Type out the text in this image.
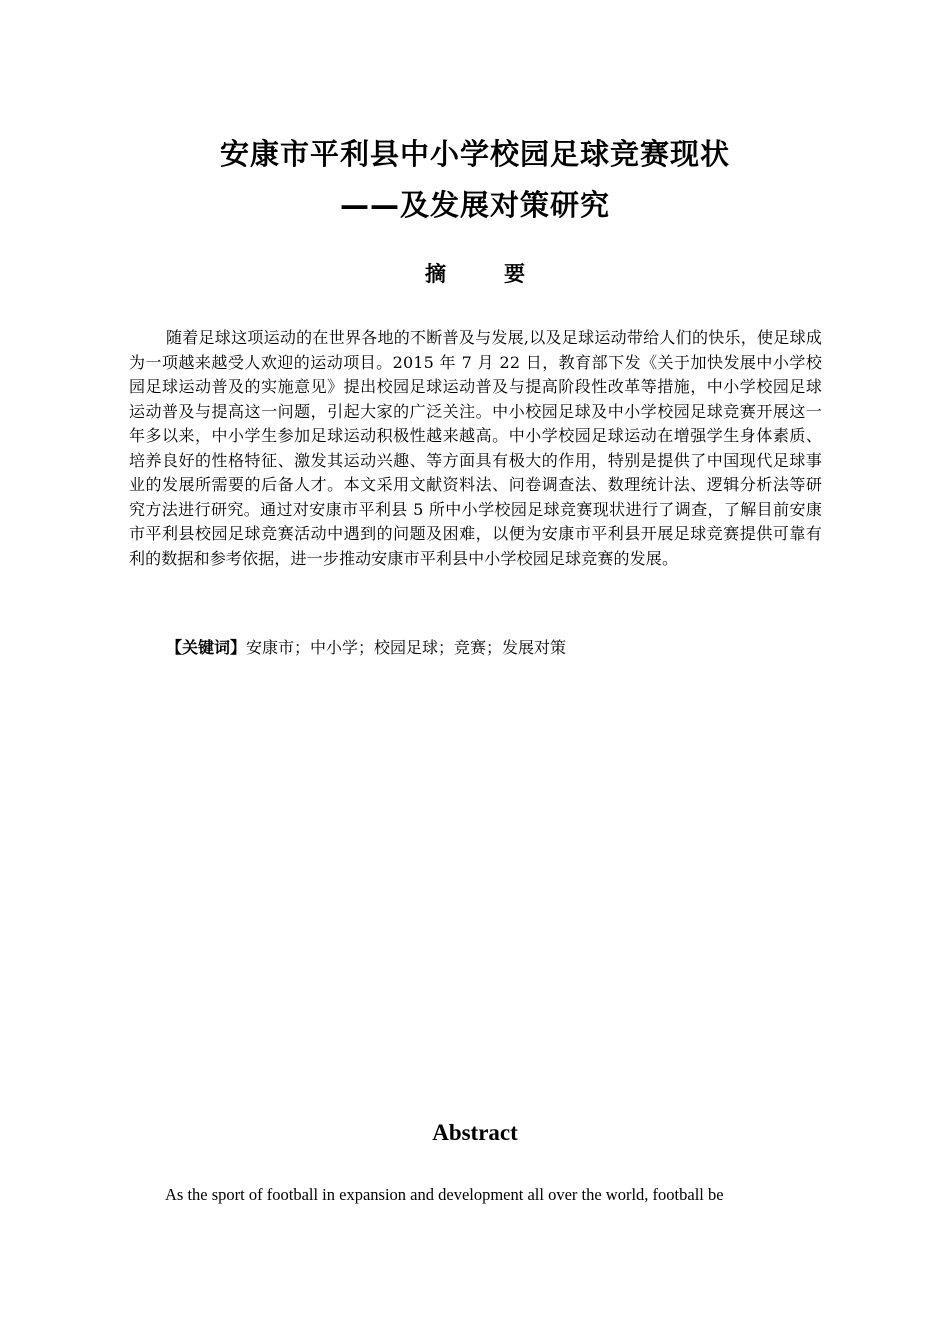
安康市平利县中小学校园足球竞赛现状
——及发展对策研究
摘	要
随着足球这项运动的在世界各地的不断普及与发展,以及足球运动带给人们的快乐，使足球成为一项越来越受人欢迎的运动项目。2015 年 7 月 22 日，教育部下发《关于加快发展中小学校园足球运动普及的实施意见》提出校园足球运动普及与提高阶段性改革等措施，中小学校园足球运动普及与提高这一问题，引起大家的广泛关注。中小校园足球及中小学校园足球竞赛开展这一年多以来，中小学生参加足球运动积极性越来越高。中小学校园足球运动在增强学生身体素质、培养良好的性格特征、激发其运动兴趣、等方面具有极大的作用，特别是提供了中国现代足球事业的发展所需要的后备人才。本文采用文献资料法、问卷调查法、数理统计法、逻辑分析法等研究方法进行研究。通过对安康市平利县 5 所中小学校园足球竞赛现状进行了调查，了解目前安康市平利县校园足球竞赛活动中遇到的问题及困难，以便为安康市平利县开展足球竞赛提供可靠有利的数据和参考依据，进一步推动安康市平利县中小学校园足球竞赛的发展。
【关键词】安康市；中小学；校园足球；竞赛；发展对策
Abstract
As the sport of football in expansion and development all over the world, football be
